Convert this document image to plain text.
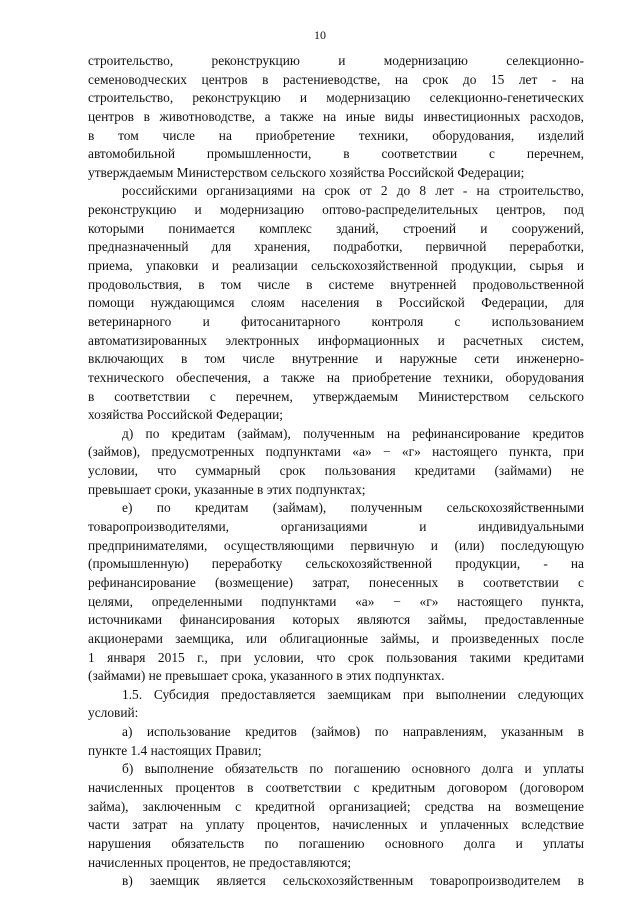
10
строительство, реконструкцию и модернизацию селекционно-
семеноводческих центров в растениеводстве, на срок до 15 лет - на
строительство, реконструкцию и модернизацию селекционно-генетических
центров в животноводстве, а также на иные виды инвестиционных расходов,
в том числе на приобретение техники, оборудования, изделий
автомобильной промышленности, в соответствии с перечнем,
утверждаемым Министерством сельского хозяйства Российской Федерации;
российскими организациями на срок от 2 до 8 лет - на строительство,
реконструкцию и модернизацию оптово-распределительных центров, под
которыми понимается комплекс зданий, строений и сооружений,
предназначенный для хранения, подработки, первичной переработки,
приема, упаковки и реализации сельскохозяйственной продукции, сырья и
продовольствия, в том числе в системе внутренней продовольственной
помощи нуждающимся слоям населения в Российской Федерации, для
ветеринарного и фитосанитарного контроля с использованием
автоматизированных электронных информационных и расчетных систем,
включающих в том числе внутренние и наружные сети инженерно-
технического обеспечения, а также на приобретение техники, оборудования
в соответствии с перечнем, утверждаемым Министерством сельского
хозяйства Российской Федерации;
д) по кредитам (займам), полученным на рефинансирование кредитов
(займов), предусмотренных подпунктами «а» − «г» настоящего пункта, при
условии, что суммарный срок пользования кредитами (займами) не
превышает сроки, указанные в этих подпунктах;
е) по кредитам (займам), полученным сельскохозяйственными
товаропроизводителями, организациями и индивидуальными
предпринимателями, осуществляющими первичную и (или) последующую
(промышленную) переработку сельскохозяйственной продукции, - на
рефинансирование (возмещение) затрат, понесенных в соответствии с
целями, определенными подпунктами «а» − «г» настоящего пункта,
источниками финансирования которых являются займы, предоставленные
акционерами заемщика, или облигационные займы, и произведенных после
1 января 2015 г., при условии, что срок пользования такими кредитами
(займами) не превышает срока, указанного в этих подпунктах.
1.5. Субсидия предоставляется заемщикам при выполнении следующих
условий:
а) использование кредитов (займов) по направлениям, указанным в
пункте 1.4 настоящих Правил;
б) выполнение обязательств по погашению основного долга и уплаты
начисленных процентов в соответствии с кредитным договором (договором
займа), заключенным с кредитной организацией; средства на возмещение
части затрат на уплату процентов, начисленных и уплаченных вследствие
нарушения обязательств по погашению основного долга и уплаты
начисленных процентов, не предоставляются;
в) заемщик является сельскохозяйственным товаропроизводителем в
